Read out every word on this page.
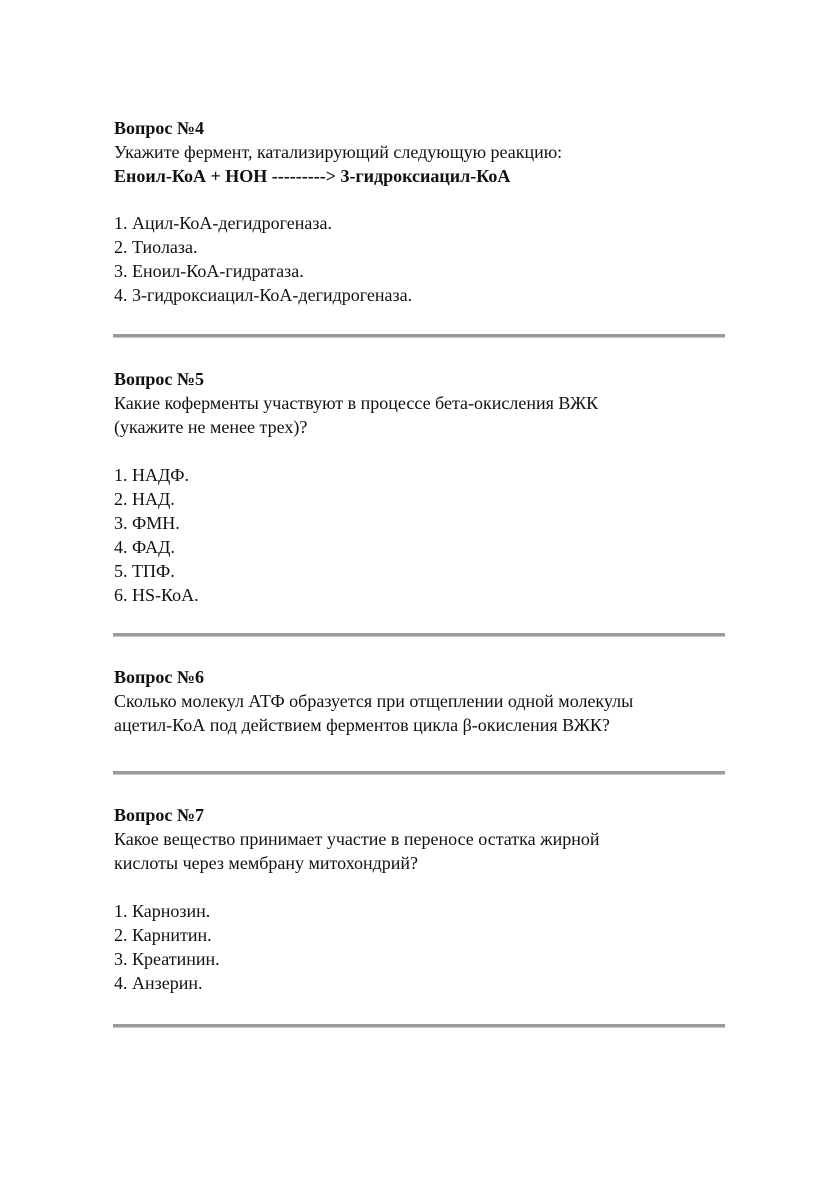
Вопрос №4
Укажите фермент, катализирующий следующую реакцию:
Еноил-КоА + НОН ---------> 3-гидроксиацил-КоА
1. Ацил-КоА-дегидрогеназа.
2. Тиолаза.
3. Еноил-КоА-гидратаза.
4. 3-гидроксиацил-КоА-дегидрогеназа.
Вопрос №5
Какие коферменты участвуют в процессе бета-окисления ВЖК
(укажите не менее трех)?
1. НАДФ.
2. НАД.
3. ФМН.
4. ФАД.
5. ТПФ.
6. HS-КоА.
Вопрос №6
Сколько молекул АТФ образуется при отщеплении одной молекулы
ацетил-КоА под действием ферментов цикла β-окисления ВЖК?
Вопрос №7
Какое вещество принимает участие в переносе остатка жирной
кислоты через мембрану митохондрий?
1. Карнозин.
2. Карнитин.
3. Креатинин.
4. Анзерин.
